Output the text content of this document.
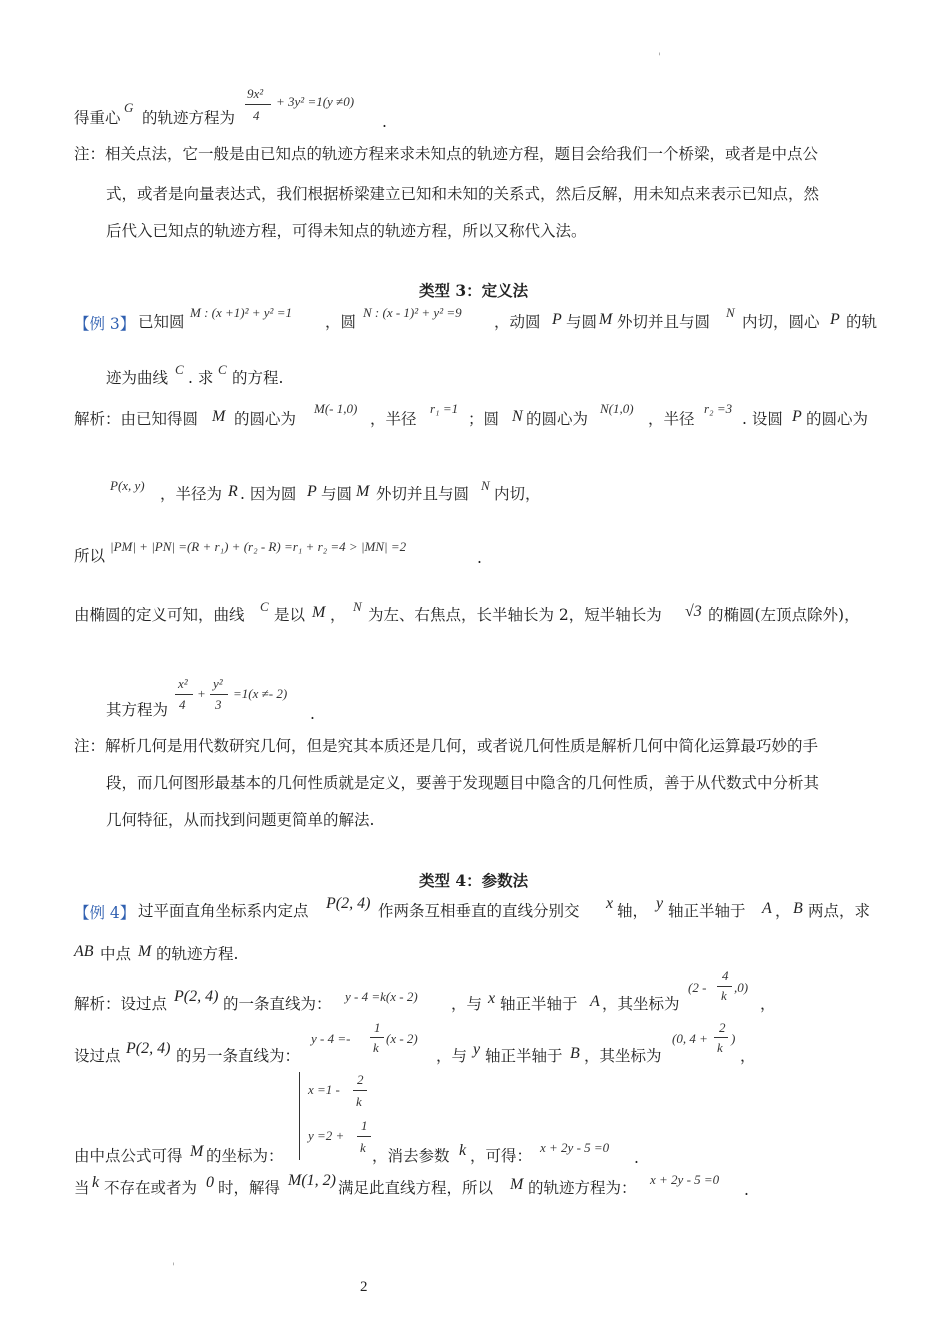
'
得重心
G
的轨迹方程为
9x²
4
+ 3y² =1(y ≠0)
.
注：相关点法，它一般是由已知点的轨迹方程来求未知点的轨迹方程，题目会给我们一个桥梁，或者是中点公
式，或者是向量表达式，我们根据桥梁建立已知和未知的关系式，然后反解，用未知点来表示已知点，然
后代入已知点的轨迹方程，可得未知点的轨迹方程，所以又称代入法。
类型 3：定义法
【例 3】 已知圆
M : (x +1)² + y² =1
，圆
N : (x - 1)² + y² =9
，动圆 P 与圆 M 外切并且与圆
N
内切，圆心 P 的轨
迹为曲线 C . 求 C 的方程.
解析：由已知得圆 M 的圆心为
M(- 1,0)
，半径
r₁ =1
；圆 N 的圆心为
N(1,0)
，半径
r₂ =3
. 设圆 P 的圆心为
P(x, y) ，半径为 R . 因为圆 P 与圆 M 外切并且与圆 N 内切，
所以
|PM| + |PN| =(R + r₁) + (r₂ - R) =r₁ + r₂ =4 > |MN| =2
.
由椭圆的定义可知，曲线 C 是以 M ， N 为左、右焦点，长半轴长为 2，短半轴长为 √3 的椭圆(左顶点除外)，
其方程为
x²
4
+
y²
3
=1(x ≠- 2)
.
注：解析几何是用代数研究几何，但是究其本质还是几何，或者说几何性质是解析几何中简化运算最巧妙的手
段，而几何图形最基本的几何性质就是定义，要善于发现题目中隐含的几何性质，善于从代数式中分析其
几何特征，从而找到问题更简单的解法.
类型 4：参数法
【例 4】 过平面直角坐标系内定点 P(2, 4) 作两条互相垂直的直线分别交 x 轴， y 轴正半轴于 A ， B 两点，求
AB 中点 M 的轨迹方程.
解析：设过点 P(2, 4) 的一条直线为： y - 4 =k(x - 2) ，与 x 轴正半轴于 A ，其坐标为
(2 -
4
k
,0)
，
设过点 P(2, 4) 的另一条直线为：
y - 4 =-
1
k
(x - 2)
，与 y 轴正半轴于 B ，其坐标为
(0, 4 +
2
k
)
，
x =1 -
2
k
y =2 +
1
k
由中点公式可得 M 的坐标为：	，消去参数 k ，可得： x + 2y - 5 =0
.
当 k 不存在或者为 0 时，解得 M(1, 2) 满足此直线方程，所以 M 的轨迹方程为： x + 2y - 5 =0
.
'
2
